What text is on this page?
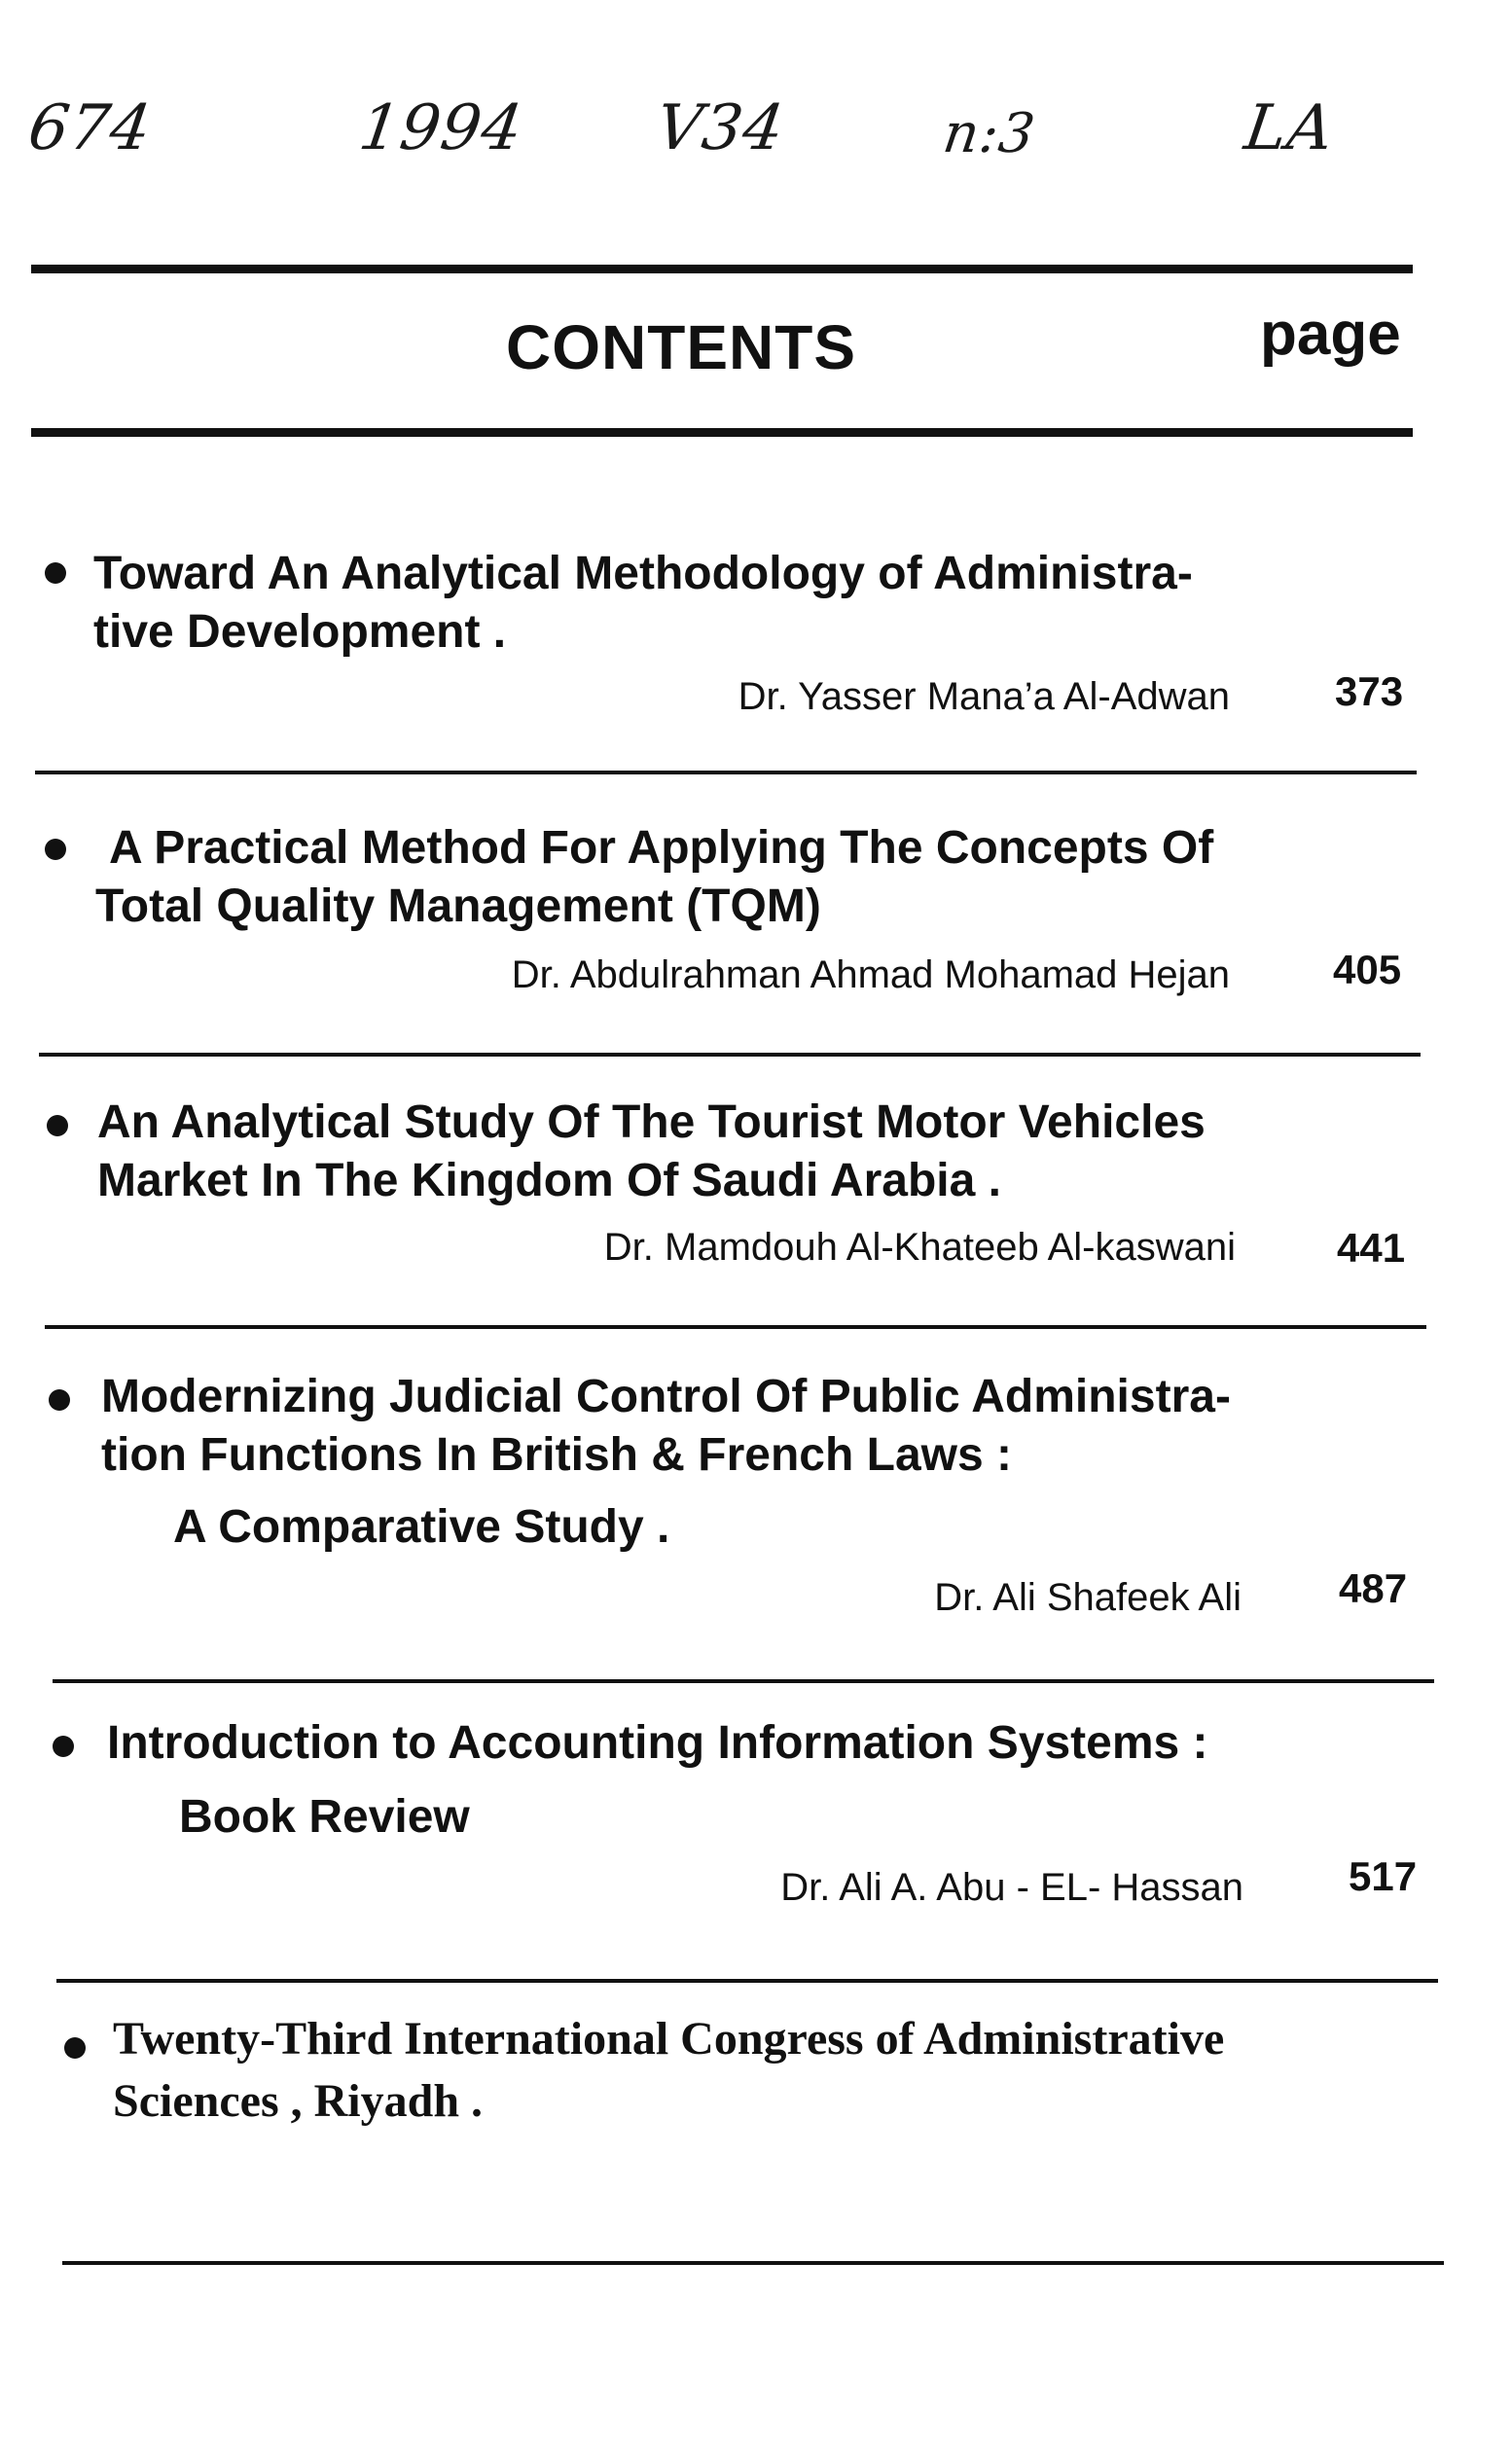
674	1994 V34	n:3	LA
CONTENTS	page
Toward An Analytical Methodology of Administra-
tive Development .
Dr. Yasser Mana’a Al-Adwan	373
A Practical Method For Applying The Concepts Of
Total Quality Management (TQM)
Dr. Abdulrahman Ahmad Mohamad Hejan	405
An Analytical Study Of The Tourist Motor Vehicles
Market In The Kingdom Of Saudi Arabia .
Dr. Mamdouh Al-Khateeb Al-kaswani 441
Modernizing Judicial Control Of Public Administra-
tion Functions In British & French Laws :
A Comparative Study .
Dr. Ali Shafeek Ali 487
Introduction to Accounting Information Systems :
Book Review
Dr. Ali A. Abu - EL- Hassan	517
Twenty-Third International Congress of Administrative
Sciences , Riyadh .
